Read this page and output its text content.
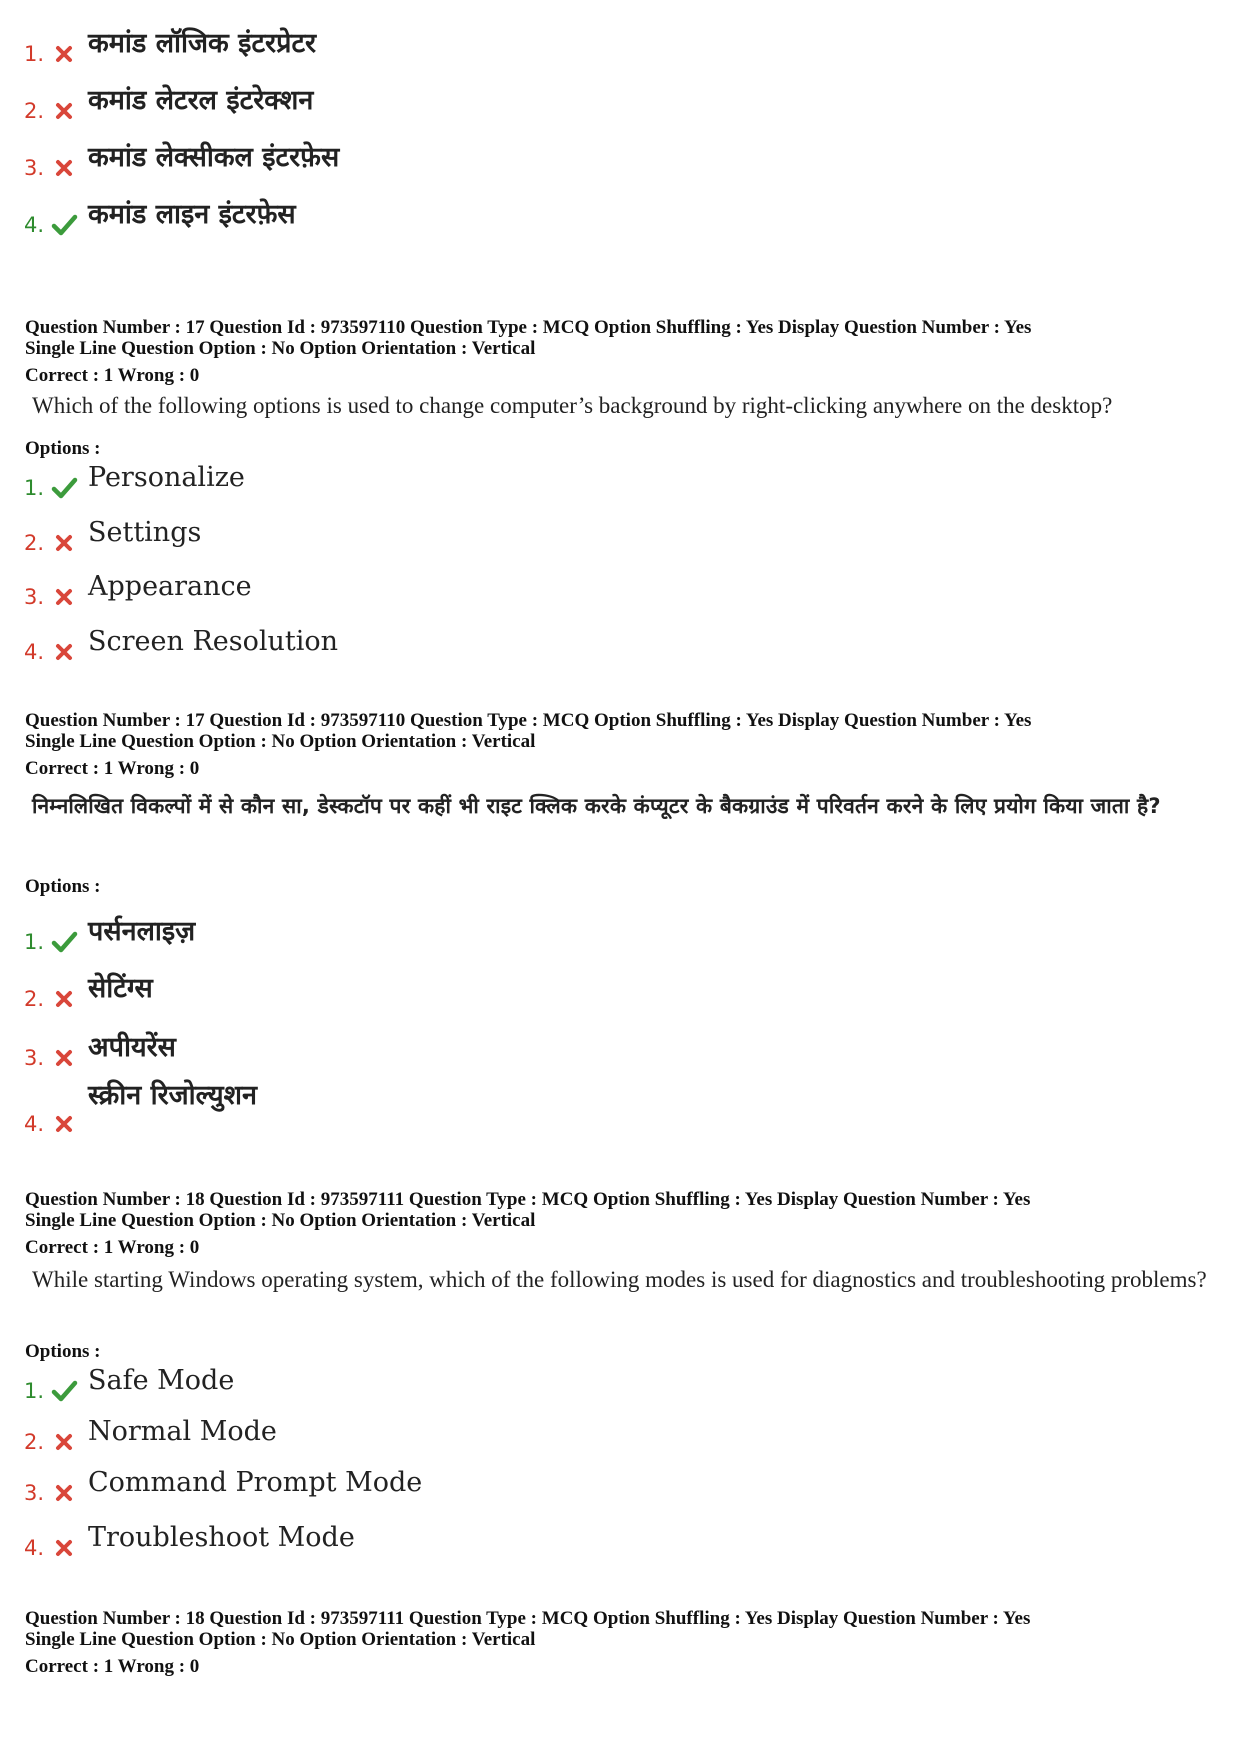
1. कमांड लॉजिक इंटरप्रेटर
2. कमांड लेटरल इंटरेक्शन
3. कमांड लेक्सीकल इंटरफ़ेस
4. कमांड लाइन इंटरफ़ेस
Question Number : 17 Question Id : 973597110 Question Type : MCQ Option Shuffling : Yes Display Question Number : Yes
Single Line Question Option : No Option Orientation : Vertical
Correct : 1 Wrong : 0
Which of the following options is used to change computer’s background by right-clicking anywhere on the desktop?
Options :
1. Personalize
2. Settings
3. Appearance
4. Screen Resolution
Question Number : 17 Question Id : 973597110 Question Type : MCQ Option Shuffling : Yes Display Question Number : Yes
Single Line Question Option : No Option Orientation : Vertical
Correct : 1 Wrong : 0
निम्नलिखित विकल्पों में से कौन सा, डेस्कटॉप पर कहीं भी राइट क्लिक करके कंप्यूटर के बैकग्राउंड में परिवर्तन करने के लिए प्रयोग किया जाता है?
Options :
1. पर्सनलाइज़
2. सेटिंग्स
3. अपीयरेंस
4.
स्क्रीन रिजोल्युशन
Question Number : 18 Question Id : 973597111 Question Type : MCQ Option Shuffling : Yes Display Question Number : Yes
Single Line Question Option : No Option Orientation : Vertical
Correct : 1 Wrong : 0
While starting Windows operating system, which of the following modes is used for diagnostics and troubleshooting problems?
Options :
1. Safe Mode
2. Normal Mode
3. Command Prompt Mode
4. Troubleshoot Mode
Question Number : 18 Question Id : 973597111 Question Type : MCQ Option Shuffling : Yes Display Question Number : Yes
Single Line Question Option : No Option Orientation : Vertical
Correct : 1 Wrong : 0
